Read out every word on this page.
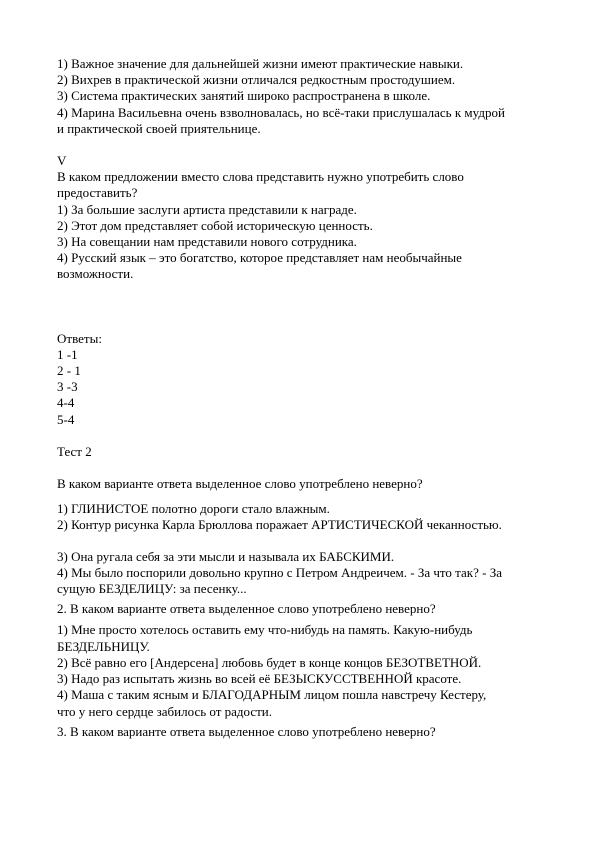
1) Важное значение для дальнейшей жизни имеют практические навыки.
2) Вихрев в практической жизни отличался редкостным простодушием.
3) Система практических занятий широко распространена в школе.
4) Марина Васильевна очень взволновалась, но всё-таки прислушалась к мудрой
и практической своей приятельнице.
V
В каком предложении вместо слова представить нужно употребить слово
предоставить?
1) За большие заслуги артиста представили к награде.
2) Этот дом представляет собой историческую ценность.
3) На совещании нам представили нового сотрудника.
4) Русский язык – это богатство, которое представляет нам необычайные
возможности.
Ответы:
1 -1
2 - 1
3 -3
4-4
5-4
Тест 2
В каком варианте ответа выделенное слово употреблено неверно?
1) ГЛИНИСТОЕ полотно дороги стало влажным.
2) Контур рисунка Карла Брюллова поражает АРТИСТИЧЕСКОЙ чеканностью.
3) Она ругала себя за эти мысли и называла их БАБСКИМИ.
4) Мы было поспорили довольно крупно с Петром Андреичем. - За что так? - За
сущую БЕЗДЕЛИЦУ: за песенку...
2. В каком варианте ответа выделенное слово употреблено неверно?
1) Мне просто хотелось оставить ему что-нибудь на память. Какую-нибудь
БЕЗДЕЛЬНИЦУ.
2) Всё равно его [Андерсена] любовь будет в конце концов БЕЗОТВЕТНОЙ.
3) Надо раз испытать жизнь во всей её БЕЗЫСКУССТВЕННОЙ красоте.
4) Маша с таким ясным и БЛАГОДАРНЫМ лицом пошла навстречу Кестеру,
что у него сердце забилось от радости.
3. В каком варианте ответа выделенное слово употреблено неверно?
